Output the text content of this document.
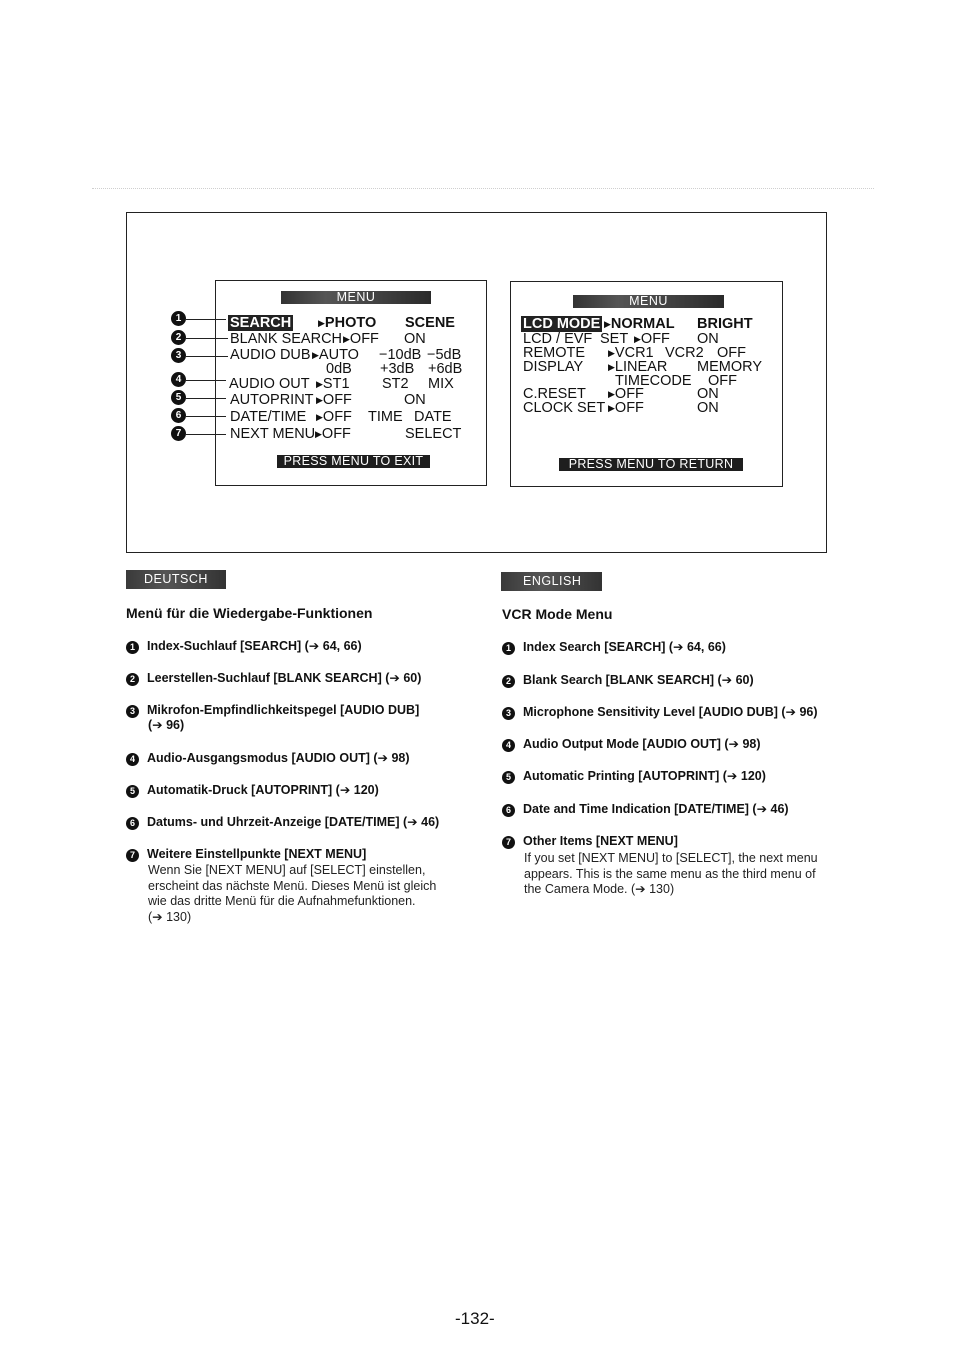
1
2
3
4
5
6
7
MENU
SEARCH	▶PHOTO SCENE
BLANK SEARCH ▶OFF ON
AUDIO DUB ▶AUTO −10dB −5dB
0dB +3dB +6dB
AUDIO OUT ▶ST1 ST2 MIX
AUTOPRINT ▶OFF	ON
DATE/TIME ▶OFF TIME DATE
NEXT MENU ▶OFF	SELECT
PRESS MENU TO EXIT
MENU
LCD MODE ▶NORMAL BRIGHT
LCD / EVF SET ▶OFF ON
REMOTE	▶VCR1 VCR2 OFF
DISPLAY	▶LINEAR MEMORY
TIMECODE OFF
C.RESET ▶OFF	ON
CLOCK SET ▶OFF	ON
PRESS MENU TO RETURN
DEUTSCH
Menü für die Wiedergabe-Funktionen
1 Index-Suchlauf [SEARCH] (➔ 64, 66)
2 Leerstellen-Suchlauf [BLANK SEARCH] (➔ 60)
3 Mikrofon-Empfindlichkeitspegel [AUDIO DUB]
(➔ 96)
4 Audio-Ausgangsmodus [AUDIO OUT] (➔ 98)
5 Automatik-Druck [AUTOPRINT] (➔ 120)
6 Datums- und Uhrzeit-Anzeige [DATE/TIME] (➔ 46)
7 Weitere Einstellpunkte [NEXT MENU]
Wenn Sie [NEXT MENU] auf [SELECT] einstellen,
erscheint das nächste Menü. Dieses Menü ist gleich
wie das dritte Menü für die Aufnahmefunktionen.
(➔ 130)
ENGLISH
VCR Mode Menu
1 Index Search [SEARCH] (➔ 64, 66)
2 Blank Search [BLANK SEARCH] (➔ 60)
3 Microphone Sensitivity Level [AUDIO DUB] (➔ 96)
4 Audio Output Mode [AUDIO OUT] (➔ 98)
5 Automatic Printing [AUTOPRINT] (➔ 120)
6 Date and Time Indication [DATE/TIME] (➔ 46)
7 Other Items [NEXT MENU]
If you set [NEXT MENU] to [SELECT], the next menu
appears. This is the same menu as the third menu of
the Camera Mode. (➔ 130)
-132-
